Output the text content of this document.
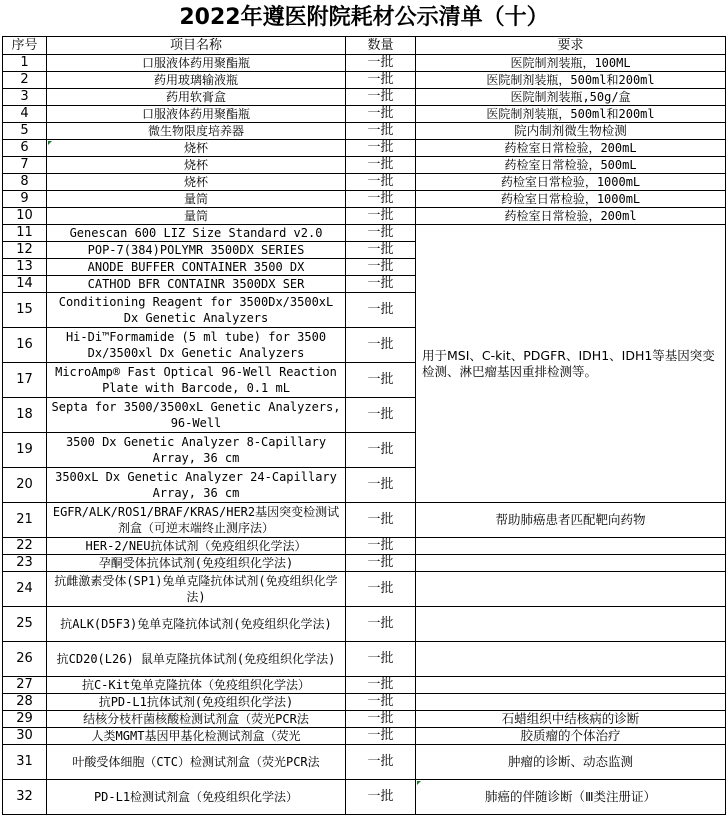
2022年遵医附院耗材公示清单（十）
序号	项目名称	数量	要求
1	口服液体药用聚酯瓶	一批	医院制剂装瓶，100ML
2	药用玻璃输液瓶	一批	医院制剂装瓶，500ml和200ml
3	药用软膏盒	一批	医院制剂装瓶,50g/盒
4	口服液体药用聚酯瓶	一批	医院制剂装瓶，500ml和200ml
5	微生物限度培养器	一批	院内制剂微生物检测
6	烧杯	一批	药检室日常检验，200mL
7	烧杯	一批	药检室日常检验，500mL
8	烧杯	一批	药检室日常检验，1000mL
9	量筒	一批	药检室日常检验，1000mL
10	量筒	一批	药检室日常检验，200ml
11	Genescan 600 LIZ Size Standard v2.0	一批	用于MSI、C-kit、PDGFR、IDH1、IDH1等基因突变检测、淋巴瘤基因重排检测等。
12	POP-7(384)POLYMR 3500DX SERIES	一批	
13	ANODE BUFFER CONTAINER 3500 DX	一批	
14	CATHOD BFR CONTAINR 3500DX SER	一批	
15	Conditioning Reagent for 3500Dx/3500xL Dx Genetic Analyzers	一批	
16	Hi-Di™Formamide (5 ml tube) for 3500 Dx/3500xl Dx Genetic Analyzers	一批	
17	MicroAmp® Fast Optical 96-Well Reaction Plate with Barcode, 0.1 mL	一批	
18	Septa for 3500/3500xL Genetic Analyzers, 96-Well	一批	
19	3500 Dx Genetic Analyzer 8-Capillary Array, 36 cm	一批	
20	3500xL Dx Genetic Analyzer 24-Capillary Array, 36 cm	一批	
21	EGFR/ALK/ROS1/BRAF/KRAS/HER2基因突变检测试剂盒（可逆末端终止测序法）	一批	帮助肺癌患者匹配靶向药物
22	HER-2/NEU抗体试剂（免疫组织化学法）	一批	
23	孕酮受体抗体试剂(免疫组织化学法)	一批	
24	抗雌激素受体(SP1)兔单克隆抗体试剂(免疫组织化学法)	一批	
25	抗ALK(D5F3)兔单克隆抗体试剂(免疫组织化学法)	一批	
26	抗CD20(L26) 鼠单克隆抗体试剂(免疫组织化学法)	一批	
27	抗C-Kit兔单克隆抗体（免疫组织化学法）	一批	
28	抗PD-L1抗体试剂(免疫组织化学法)	一批	
29	结核分枝杆菌核酸检测试剂盒（荧光PCR法	一批	石蜡组织中结核病的诊断
30	人类MGMT基因甲基化检测试剂盒（荧光	一批	胶质瘤的个体治疗
31	叶酸受体细胞（CTC）检测试剂盒（荧光PCR法	一批	肿瘤的诊断、动态监测
32	PD-L1检测试剂盒（免疫组织化学法）	一批	肺癌的伴随诊断（Ⅲ类注册证）
